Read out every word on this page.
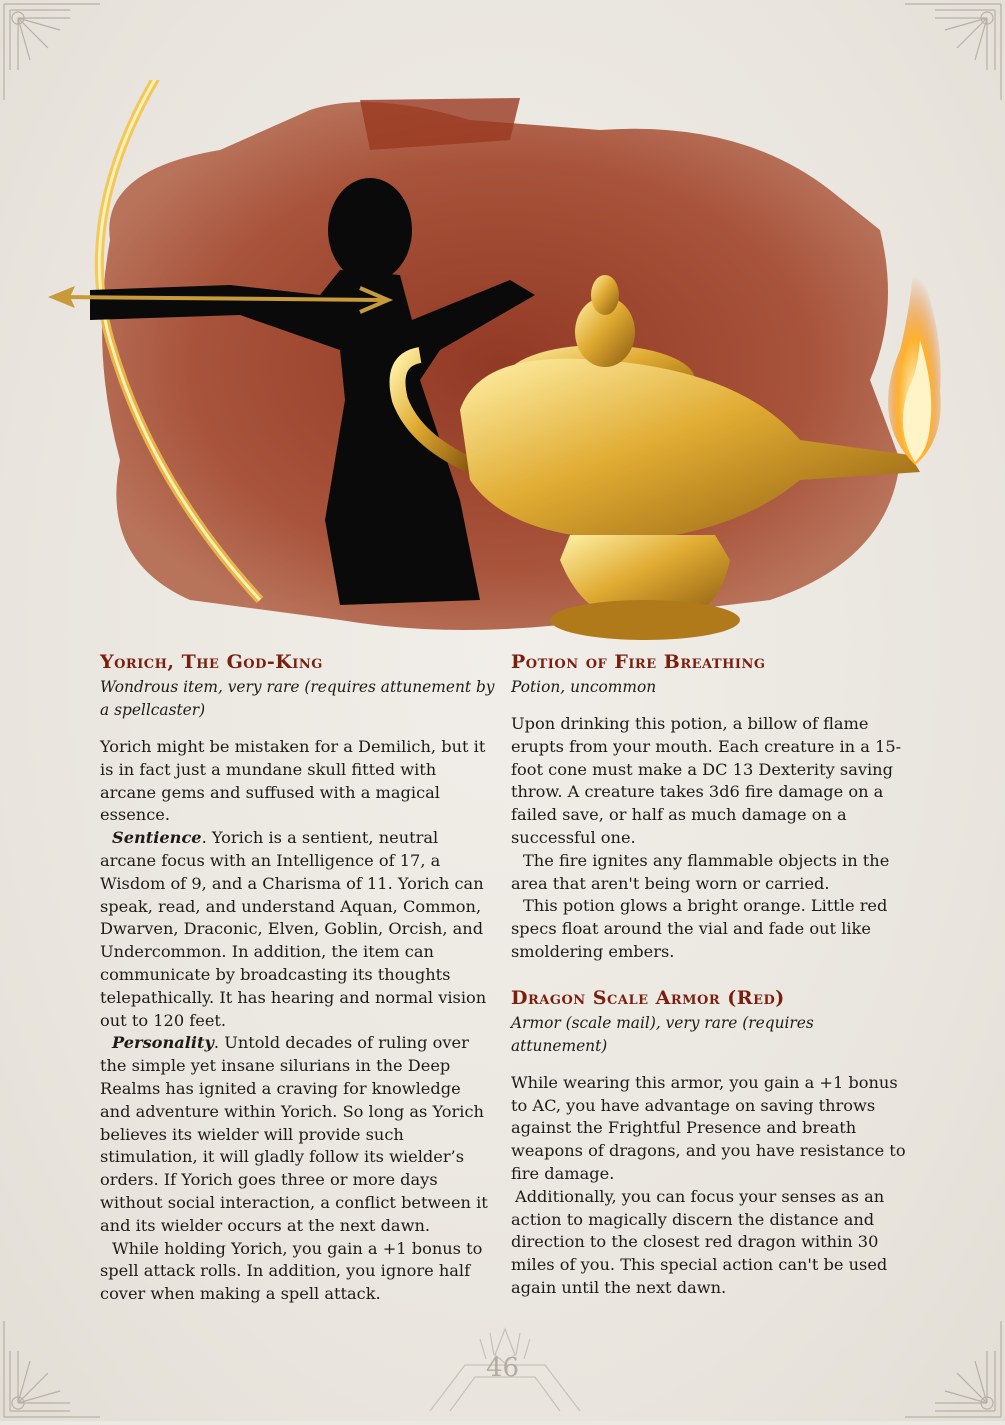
Yorich, The God-King
Wondrous item, very rare (requires attunement by a spellcaster)

Yorich might be mistaken for a Demilich, but it is in fact just a mundane skull fitted with arcane gems and suffused with a magical essence.

Sentience. Yorich is a sentient, neutral arcane focus with an Intelligence of 17, a Wisdom of 9, and a Charisma of 11. Yorich can speak, read, and understand Aquan, Common, Dwarven, Draconic, Elven, Goblin, Orcish, and Undercommon. In addition, the item can communicate by broadcasting its thoughts telepathically. It has hearing and normal vision out to 120 feet.

Personality. Untold decades of ruling over the simple yet insane silurians in the Deep Realms has ignited a craving for knowledge and adventure within Yorich. So long as Yorich believes its wielder will provide such stimulation, it will gladly follow its wielder’s orders. If Yorich goes three or more days without social interaction, a conflict between it and its wielder occurs at the next dawn.

While holding Yorich, you gain a +1 bonus to spell attack rolls. In addition, you ignore half cover when making a spell attack.

Potion of Fire Breathing
Potion, uncommon

Upon drinking this potion, a billow of flame erupts from your mouth. Each creature in a 15-foot cone must make a DC 13 Dexterity saving throw. A creature takes 3d6 fire damage on a failed save, or half as much damage on a successful one.

The fire ignites any flammable objects in the area that aren't being worn or carried.

This potion glows a bright orange. Little red specs float around the vial and fade out like smoldering embers.

Dragon Scale Armor (Red)
Armor (scale mail), very rare (requires attunement)

While wearing this armor, you gain a +1 bonus to AC, you have advantage on saving throws against the Frightful Presence and breath weapons of dragons, and you have resistance to fire damage.

Additionally, you can focus your senses as an action to magically discern the distance and direction to the closest red dragon within 30 miles of you. This special action can't be used again until the next dawn.

46
